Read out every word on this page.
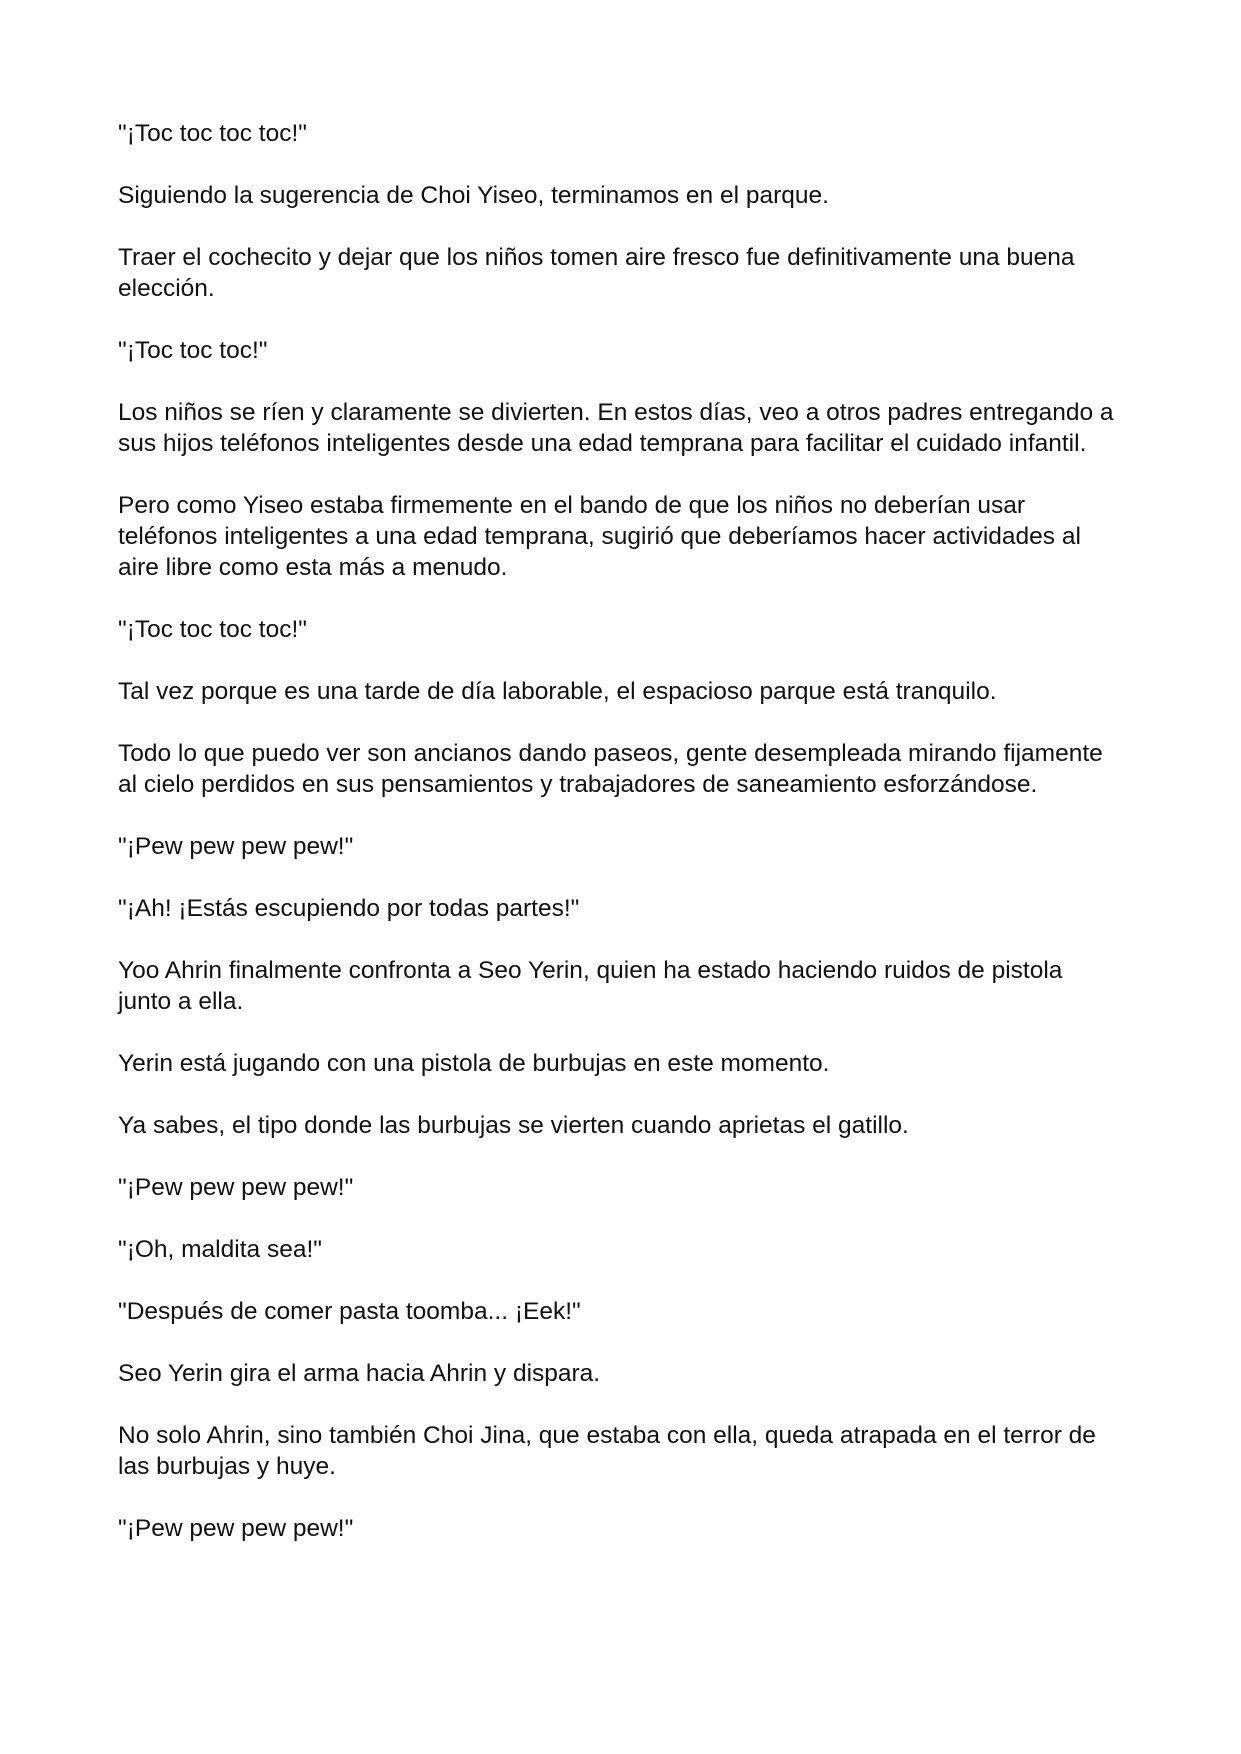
"¡Toc toc toc toc!"

Siguiendo la sugerencia de Choi Yiseo, terminamos en el parque.

Traer el cochecito y dejar que los niños tomen aire fresco fue definitivamente una buena elección.

"¡Toc toc toc!"

Los niños se ríen y claramente se divierten. En estos días, veo a otros padres entregando a sus hijos teléfonos inteligentes desde una edad temprana para facilitar el cuidado infantil.

Pero como Yiseo estaba firmemente en el bando de que los niños no deberían usar teléfonos inteligentes a una edad temprana, sugirió que deberíamos hacer actividades al aire libre como esta más a menudo.

"¡Toc toc toc toc!"

Tal vez porque es una tarde de día laborable, el espacioso parque está tranquilo.

Todo lo que puedo ver son ancianos dando paseos, gente desempleada mirando fijamente al cielo perdidos en sus pensamientos y trabajadores de saneamiento esforzándose.

"¡Pew pew pew pew!"

"¡Ah! ¡Estás escupiendo por todas partes!"

Yoo Ahrin finalmente confronta a Seo Yerin, quien ha estado haciendo ruidos de pistola junto a ella.

Yerin está jugando con una pistola de burbujas en este momento.

Ya sabes, el tipo donde las burbujas se vierten cuando aprietas el gatillo.

"¡Pew pew pew pew!"

"¡Oh, maldita sea!"

"Después de comer pasta toomba... ¡Eek!"

Seo Yerin gira el arma hacia Ahrin y dispara.

No solo Ahrin, sino también Choi Jina, que estaba con ella, queda atrapada en el terror de las burbujas y huye.

"¡Pew pew pew pew!"
